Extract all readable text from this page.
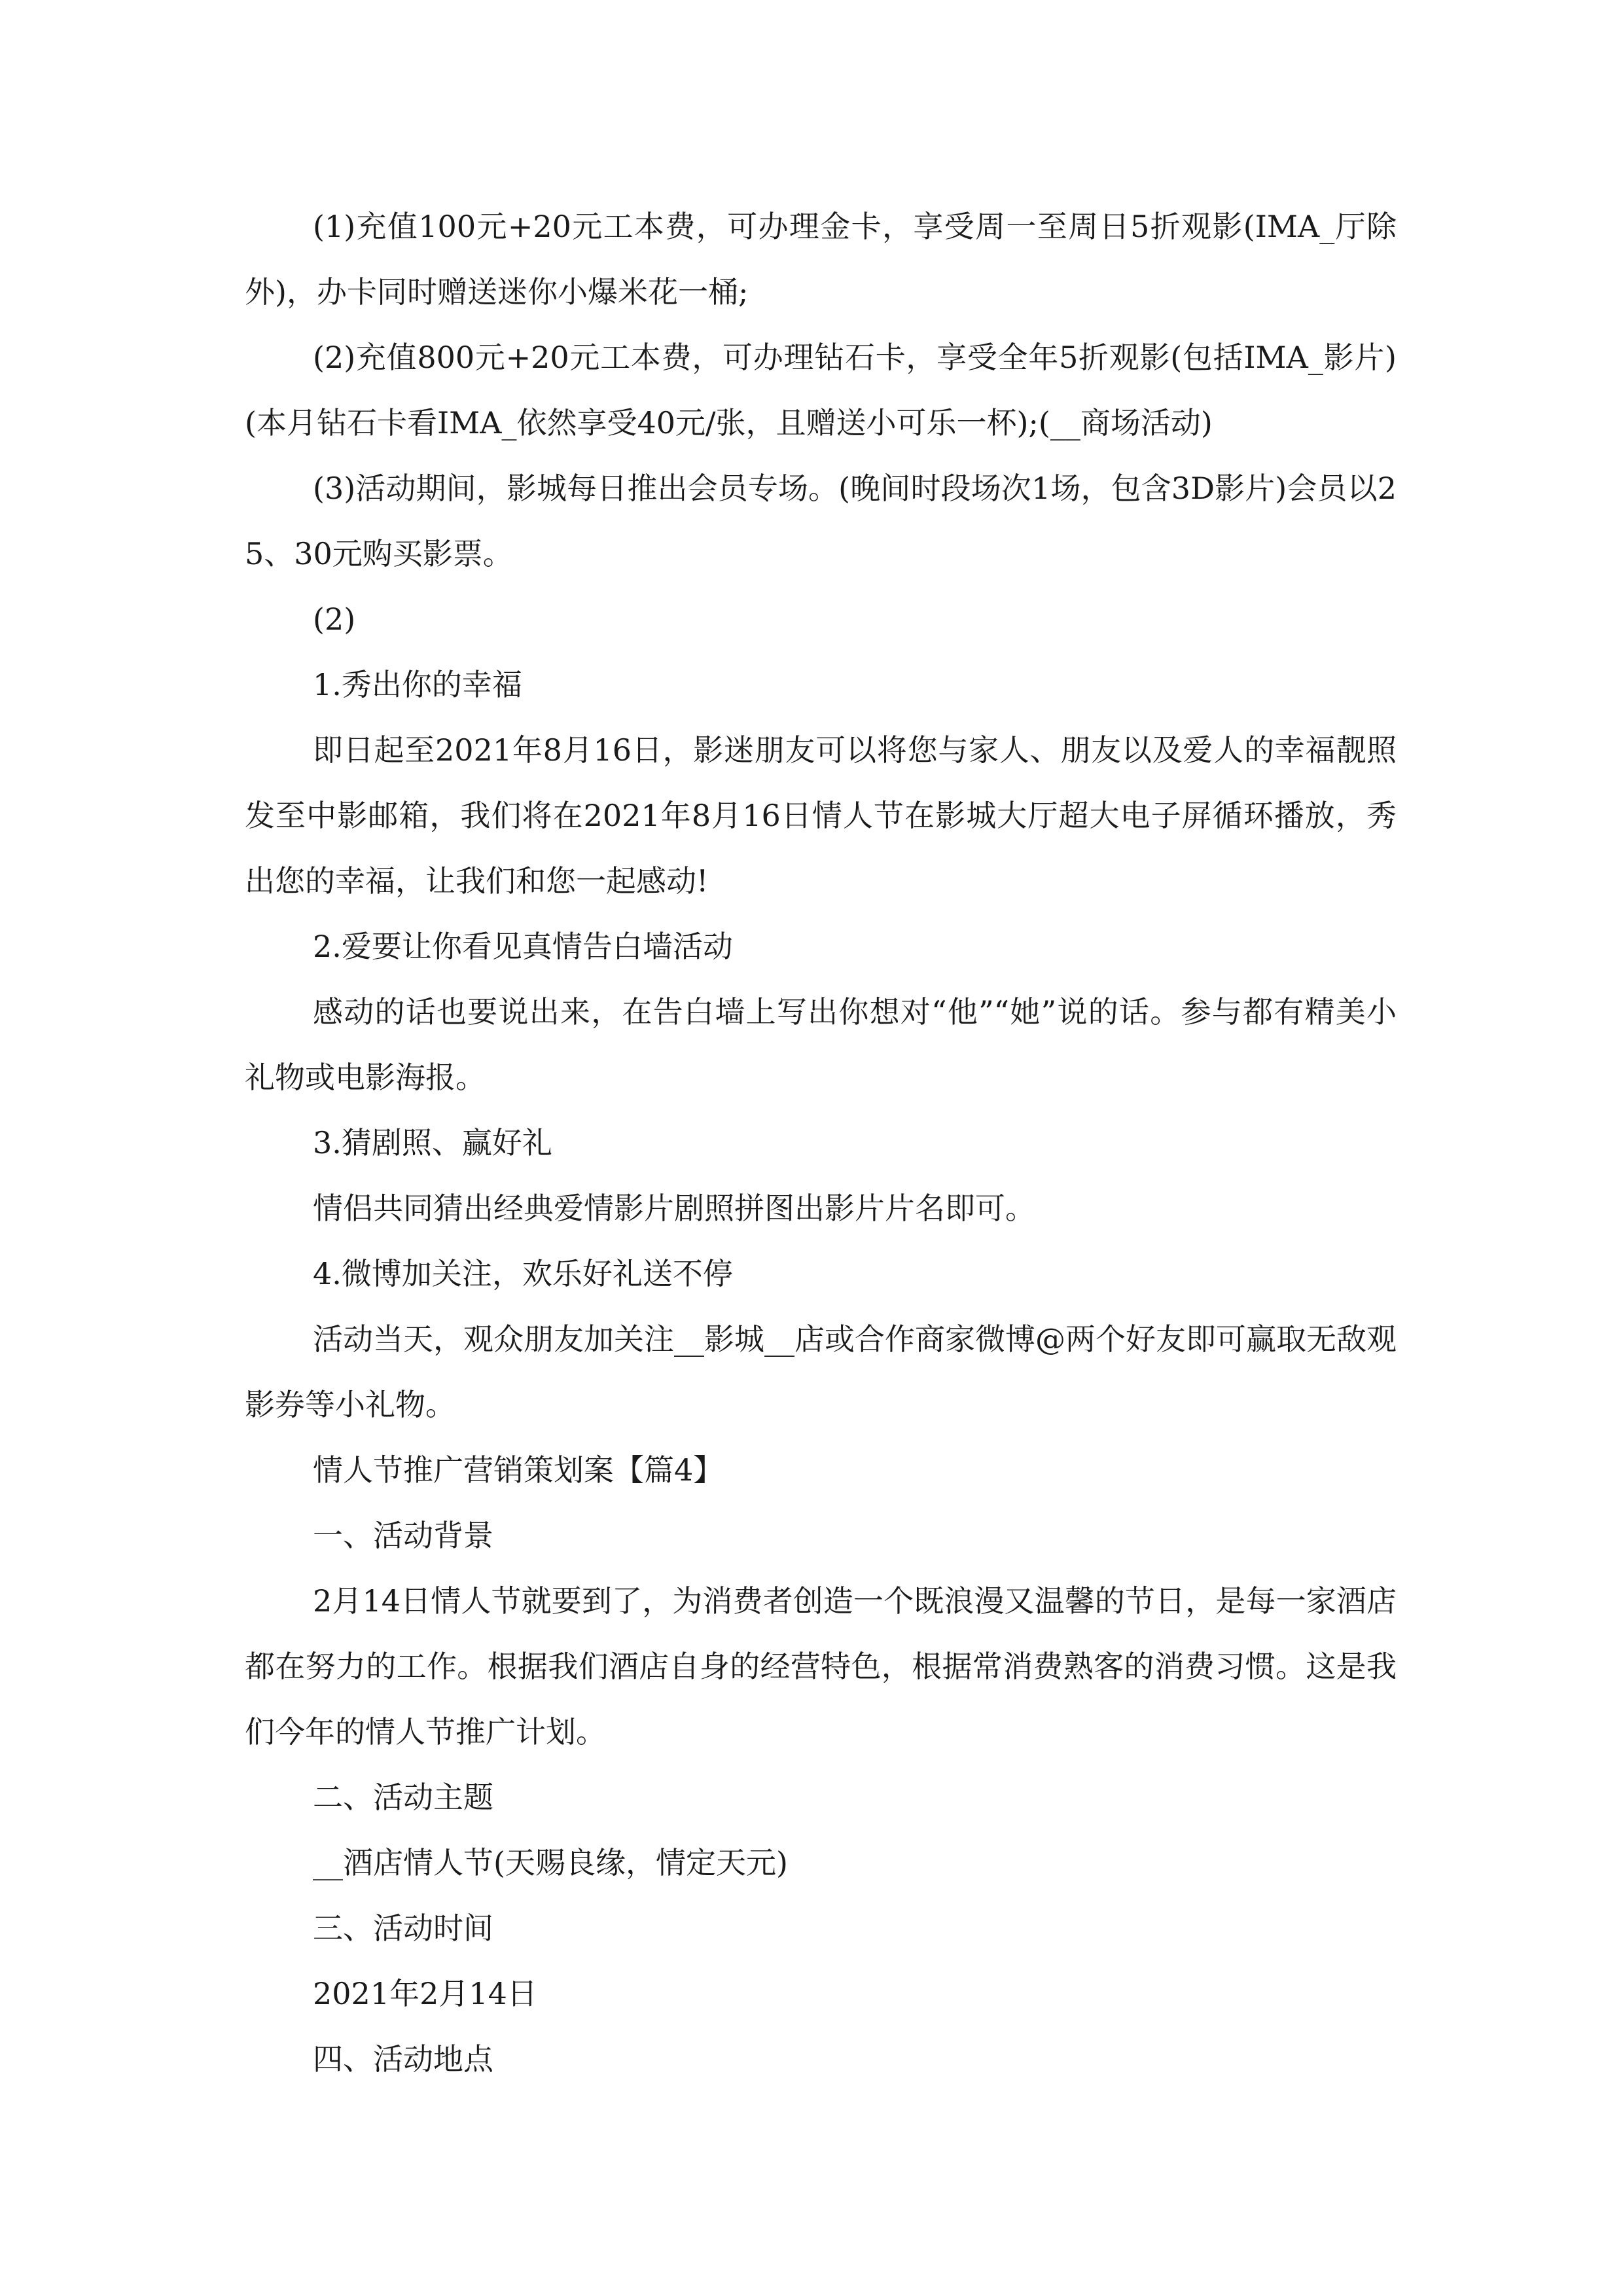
(1)充值100元+20元工本费，可办理金卡，享受周一至周日5折观影(IMA_厅除外)，办卡同时赠送迷你小爆米花一桶;

(2)充值800元+20元工本费，可办理钻石卡，享受全年5折观影(包括IMA_影片)(本月钻石卡看IMA_依然享受40元/张，且赠送小可乐一杯);(__商场活动)

(3)活动期间，影城每日推出会员专场。(晚间时段场次1场，包含3D影片)会员以25、30元购买影票。

(2)

1.秀出你的幸福

即日起至2021年8月16日，影迷朋友可以将您与家人、朋友以及爱人的幸福靓照发至中影邮箱，我们将在2021年8月16日情人节在影城大厅超大电子屏循环播放，秀出您的幸福，让我们和您一起感动!

2.爱要让你看见真情告白墙活动

感动的话也要说出来，在告白墙上写出你想对“他”“她”说的话。参与都有精美小礼物或电影海报。

3.猜剧照、赢好礼

情侣共同猜出经典爱情影片剧照拼图出影片片名即可。

4.微博加关注，欢乐好礼送不停

活动当天，观众朋友加关注__影城__店或合作商家微博@两个好友即可赢取无敌观影券等小礼物。

情人节推广营销策划案【篇4】

一、活动背景

2月14日情人节就要到了，为消费者创造一个既浪漫又温馨的节日，是每一家酒店都在努力的工作。根据我们酒店自身的经营特色，根据常消费熟客的消费习惯。这是我们今年的情人节推广计划。

二、活动主题

__酒店情人节(天赐良缘，情定天元)

三、活动时间

2021年2月14日

四、活动地点
